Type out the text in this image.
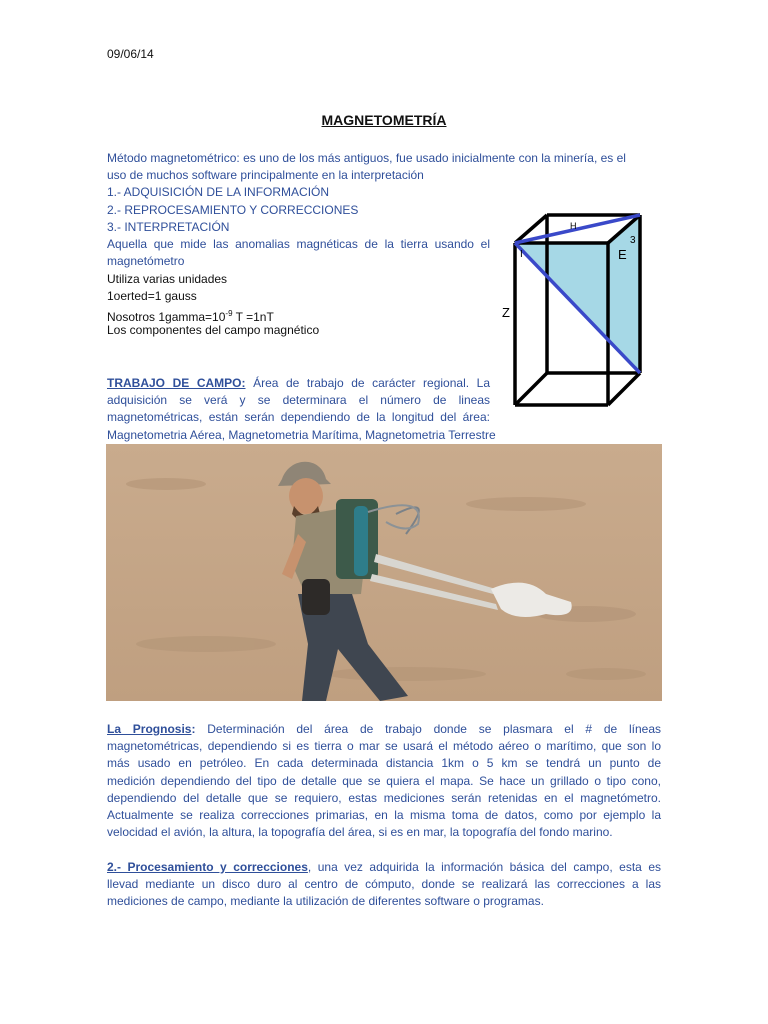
09/06/14
MAGNETOMETRÍA
Método magnetométrico: es uno de los más antiguos, fue usado inicialmente con la minería, es el
uso de muchos software principalmente en la interpretación
1.- ADQUISICIÓN DE LA INFORMACIÓN
2.- REPROCESAMIENTO Y CORRECCIONES
3.- INTERPRETACIÓN
Aquella que mide las anomalias magnéticas de la tierra usando el
magnetómetro
Utiliza varias unidades
1oerted=1 gauss
Nosotros $1gamma=10^{-9}$ T =1nT
Los componentes del campo magnético
Z
E
H
3
I
TRABAJO DE CAMPO: Área de trabajo de carácter regional. La
adquisición se verá y se determinara el número de lineas
magnetométricas, están serán dependiendo de la longitud del área:
Magnetometria Aérea, Magnetometria Marítima, Magnetometria Terrestre
La Prognosis: Determinación del área de trabajo donde se plasmara el # de líneas
magnetométricas, dependiendo si es tierra o mar se usará el método aéreo o marítimo, que son lo
más usado en petróleo. En cada determinada distancia 1km o 5 km se tendrá un punto de
medición dependiendo del tipo de detalle que se quiera el mapa. Se hace un grillado o tipo cono,
dependiendo del detalle que se requiero, estas mediciones serán retenidas en el magnetómetro.
Actualmente se realiza correcciones primarias, en la misma toma de datos, como por ejemplo la
velocidad el avión, la altura, la topografía del área, si es en mar, la topografía del fondo marino.
2.- Procesamiento y correcciones, una vez adquirida la información básica del campo, esta es
llevad mediante un disco duro al centro de cómputo, donde se realizará las correcciones a las
mediciones de campo, mediante la utilización de diferentes software o programas.
